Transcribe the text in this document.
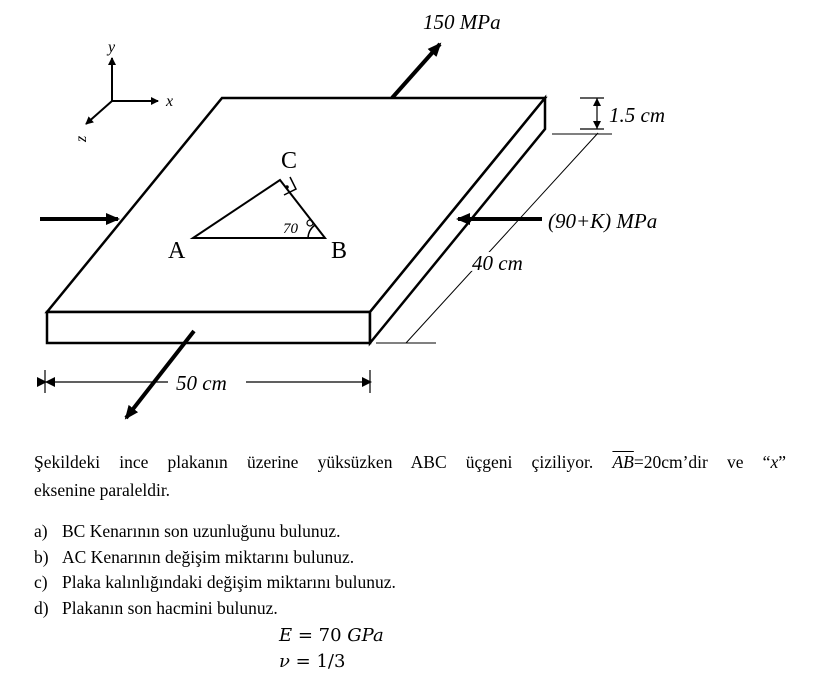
y
x
z
150 MPa
70
A	B
C
(90+K) MPa
1.5 cm
40 cm
50 cm
Şekildeki ince plakanın üzerine yüksüzken ABC üçgeni çiziliyor. $\overline{AB}=20cm’dir$ ve “x”
eksenine paraleldir.
a) BC Kenarının son uzunluğunu bulunuz.
b) AC Kenarının değişim miktarını bulunuz.
c) Plaka kalınlığındaki değişim miktarını bulunuz.
d) Plakanın son hacmini bulunuz.
E = 70 GPa
ν = 1/3
